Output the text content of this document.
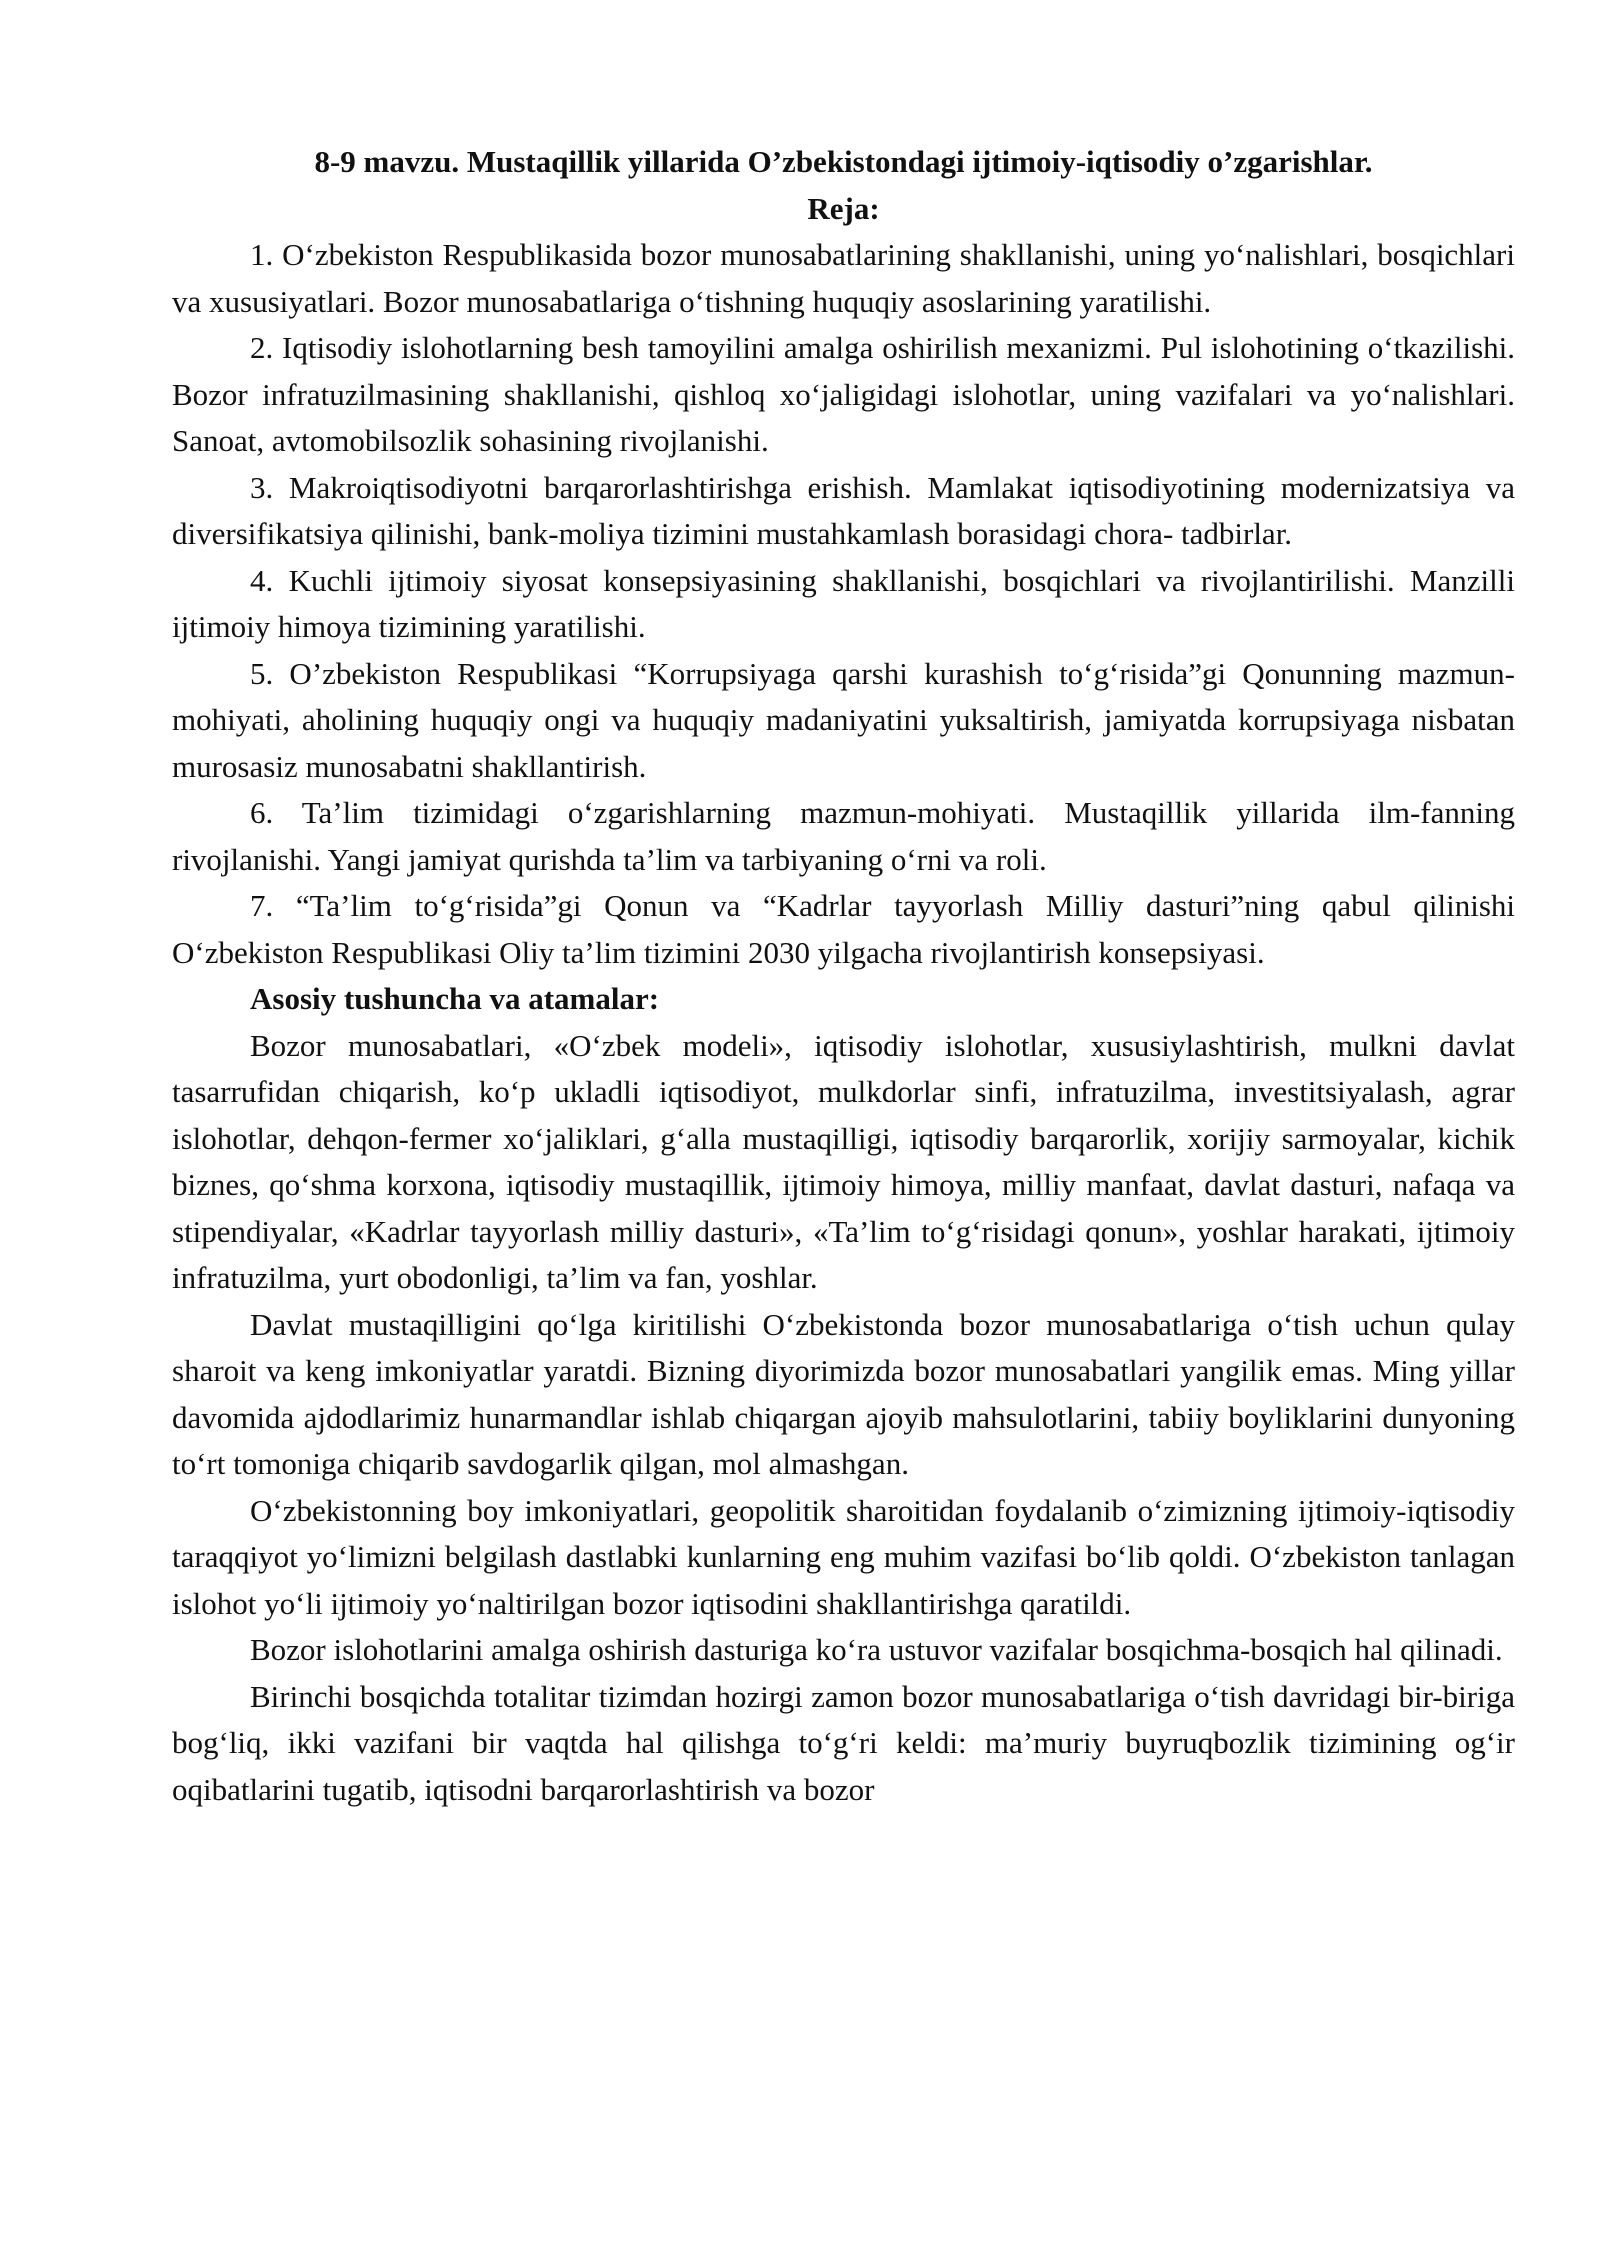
8-9 mavzu. Mustaqillik yillarida O’zbekistondagi ijtimoiy-iqtisodiy o’zgarishlar.

Reja:

1. O‘zbekiston Respublikasida bozor munosabatlarining shakllanishi, uning yo‘nalishlari, bosqichlari va xususiyatlari. Bozor munosabatlariga o‘tishning huquqiy asoslarining yaratilishi.

2. Iqtisodiy islohotlarning besh tamoyilini amalga oshirilish mexanizmi. Pul islohotining o‘tkazilishi. Bozor infratuzilmasining shakllanishi, qishloq xo‘jaligidagi islohotlar, uning vazifalari va yo‘nalishlari. Sanoat, avtomobilsozlik sohasining rivojlanishi.

3. Makroiqtisodiyotni barqarorlashtirishga erishish. Mamlakat iqtisodiyotining modernizatsiya va diversifikatsiya qilinishi, bank-moliya tizimini mustahkamlash borasidagi chora- tadbirlar.

4. Kuchli ijtimoiy siyosat konsepsiyasining shakllanishi, bosqichlari va rivojlantirilishi. Manzilli ijtimoiy himoya tizimining yaratilishi.

5. O’zbekiston Respublikasi “Korrupsiyaga qarshi kurashish to‘g‘risida”gi Qonunning mazmun-mohiyati, aholining huquqiy ongi va huquqiy madaniyatini yuksaltirish, jamiyatda korrupsiyaga nisbatan murosasiz munosabatni shakllantirish.

6. Ta’lim tizimidagi o‘zgarishlarning mazmun-mohiyati. Mustaqillik yillarida ilm-fanning rivojlanishi. Yangi jamiyat qurishda ta’lim va tarbiyaning o‘rni va roli.

7. “Ta’lim to‘g‘risida”gi Qonun va “Kadrlar tayyorlash Milliy dasturi”ning qabul qilinishi O‘zbekiston Respublikasi Oliy ta’lim tizimini 2030 yilgacha rivojlantirish konsepsiyasi.

Asosiy tushuncha va atamalar:

Bozor munosabatlari, «O‘zbek modeli», iqtisodiy islohotlar, xususiylashtirish, mulkni davlat tasarrufidan chiqarish, ko‘p ukladli iqtisodiyot, mulkdorlar sinfi, infratuzilma, investitsiyalash, agrar islohotlar, dehqon-fermer xo‘jaliklari, g‘alla mustaqilligi, iqtisodiy barqarorlik, xorijiy sarmoyalar, kichik biznes, qo‘shma korxona, iqtisodiy mustaqillik, ijtimoiy himoya, milliy manfaat, davlat dasturi, nafaqa va stipendiyalar, «Kadrlar tayyorlash milliy dasturi», «Ta’lim to‘g‘risidagi qonun», yoshlar harakati, ijtimoiy infratuzilma, yurt obodonligi, ta’lim va fan, yoshlar.

Davlat mustaqilligini qo‘lga kiritilishi O‘zbekistonda bozor munosabatlariga o‘tish uchun qulay sharoit va keng imkoniyatlar yaratdi. Bizning diyorimizda bozor munosabatlari yangilik emas. Ming yillar davomida ajdodlarimiz hunarmandlar ishlab chiqargan ajoyib mahsulotlarini, tabiiy boyliklarini dunyoning to‘rt tomoniga chiqarib savdogarlik qilgan, mol almashgan.

O‘zbekistonning boy imkoniyatlari, geopolitik sharoitidan foydalanib o‘zimizning ijtimoiy-iqtisodiy taraqqiyot yo‘limizni belgilash dastlabki kunlarning eng muhim vazifasi bo‘lib qoldi. O‘zbekiston tanlagan islohot yo‘li ijtimoiy yo‘naltirilgan bozor iqtisodini shakllantirishga qaratildi.

Bozor islohotlarini amalga oshirish dasturiga ko‘ra ustuvor vazifalar bosqichma-bosqich hal qilinadi.

Birinchi bosqichda totalitar tizimdan hozirgi zamon bozor munosabatlariga o‘tish davridagi bir-biriga bog‘liq, ikki vazifani bir vaqtda hal qilishga to‘g‘ri keldi: ma’muriy buyruqbozlik tizimining og‘ir oqibatlarini tugatib, iqtisodni barqarorlashtirish va bozor
